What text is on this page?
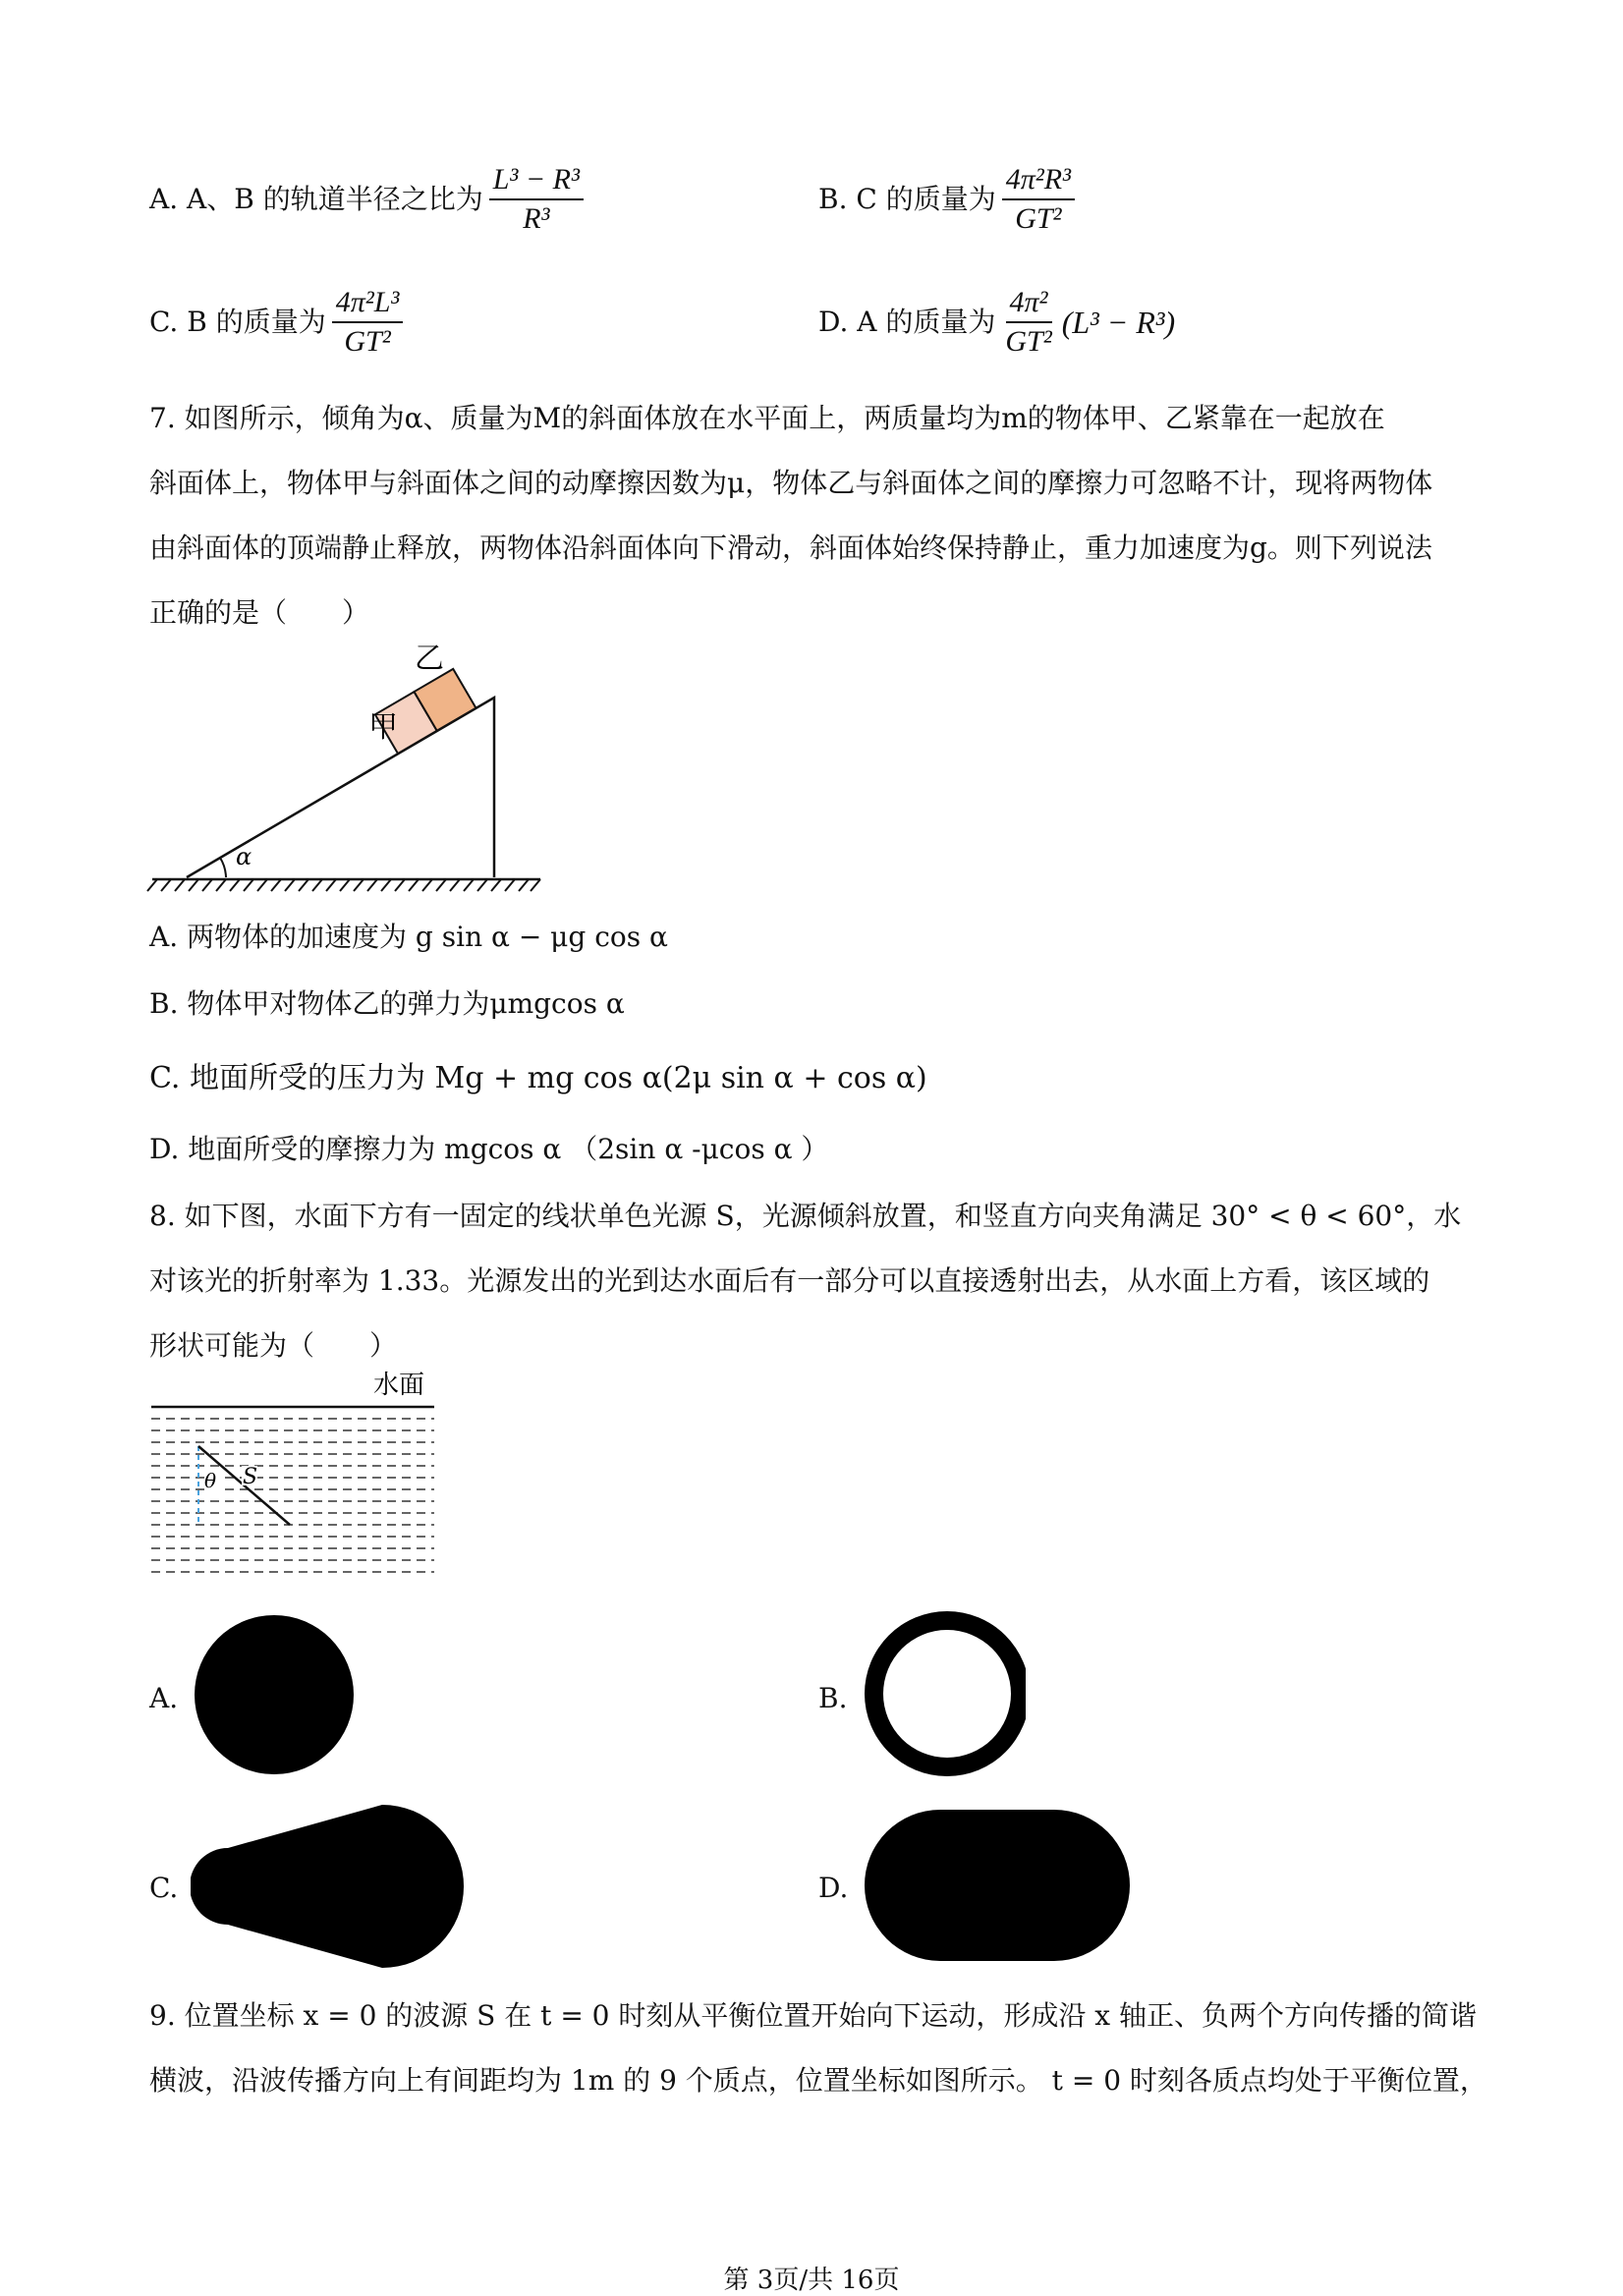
A. A、B 的轨道半径之比为 $\frac{\text{L³ − R³}}{\text{R³}}$	B. C 的质量为 $\frac{\text{4π²R³}}{\text{GT²}}$
C. B 的质量为 $\frac{\text{4π²L³}}{\text{GT²}}$	D. A 的质量为 $\frac{\text{4π²}}{\text{GT²}} (L^3 - R^3)$
7. 如图所示，倾角为α、质量为M的斜面体放在水平面上，两质量均为m的物体甲、乙紧靠在一起放在
斜面体上，物体甲与斜面体之间的动摩擦因数为μ，物体乙与斜面体之间的摩擦力可忽略不计，现将两物体
由斜面体的顶端静止释放，两物体沿斜面体向下滑动，斜面体始终保持静止，重力加速度为g。则下列说法
正确的是（　　）
α
乙
甲
A. 两物体的加速度为 g sin α − μg cos α
B. 物体甲对物体乙的弹力为μmgcos α
C. 地面所受的压力为 Mg + mg cos α(2μ sin α + cos α)
D. 地面所受的摩擦力为 mgcos α （2sin α -μcos α ）
8. 如下图，水面下方有一固定的线状单色光源 S，光源倾斜放置，和竖直方向夹角满足 30° < θ < 60°，水
对该光的折射率为 1.33。光源发出的光到达水面后有一部分可以直接透射出去，从水面上方看，该区域的
形状可能为（　　）
水面
θ S
A.	B.
C.	D.
9. 位置坐标 x = 0 的波源 S 在 t = 0 时刻从平衡位置开始向下运动，形成沿 x 轴正、负两个方向传播的简谐
横波，沿波传播方向上有间距均为 1m 的 9 个质点，位置坐标如图所示。 t = 0 时刻各质点均处于平衡位置，
第 3页/共 16页
